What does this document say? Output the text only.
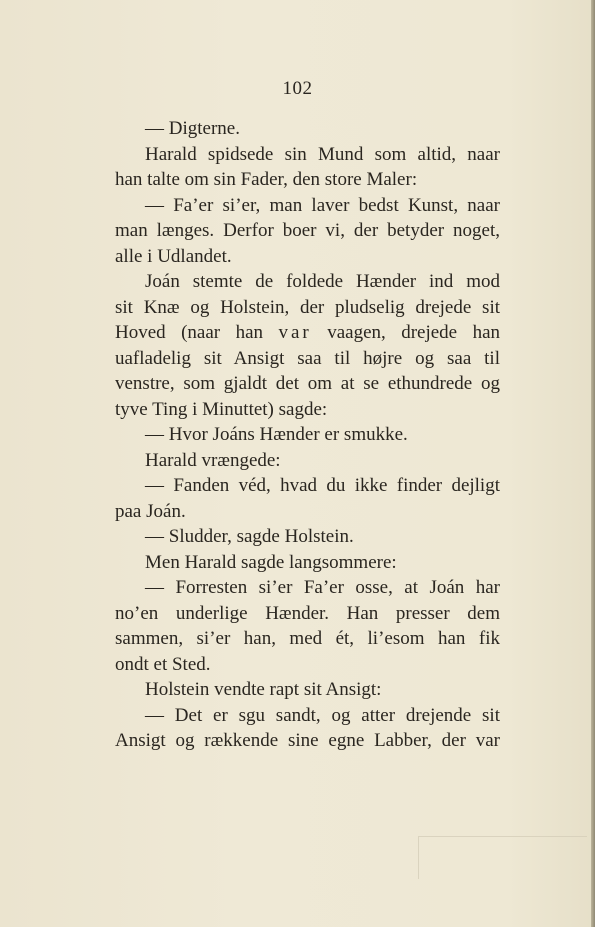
102
— Digterne.
Harald spidsede sin Mund som altid, naar
han talte om sin Fader, den store Maler:
— Fa’er si’er, man laver bedst Kunst, naar
man længes. Derfor boer vi, der betyder noget,
alle i Udlandet.
Joán stemte de foldede Hænder ind mod
sit Knæ og Holstein, der pludselig drejede sit
Hoved (naar han var vaagen, drejede han
uafladelig sit Ansigt saa til højre og saa til
venstre, som gjaldt det om at se ethundrede og
tyve Ting i Minuttet) sagde:
— Hvor Joáns Hænder er smukke.
Harald vrængede:
— Fanden véd, hvad du ikke finder dejligt
paa Joán.
— Sludder, sagde Holstein.
Men Harald sagde langsommere:
— Forresten si’er Fa’er osse, at Joán har
no’en underlige Hænder. Han presser dem
sammen, si’er han, med ét, li’esom han fik
ondt et Sted.
Holstein vendte rapt sit Ansigt:
— Det er sgu sandt, og atter drejende sit
Ansigt og rækkende sine egne Labber, der var
